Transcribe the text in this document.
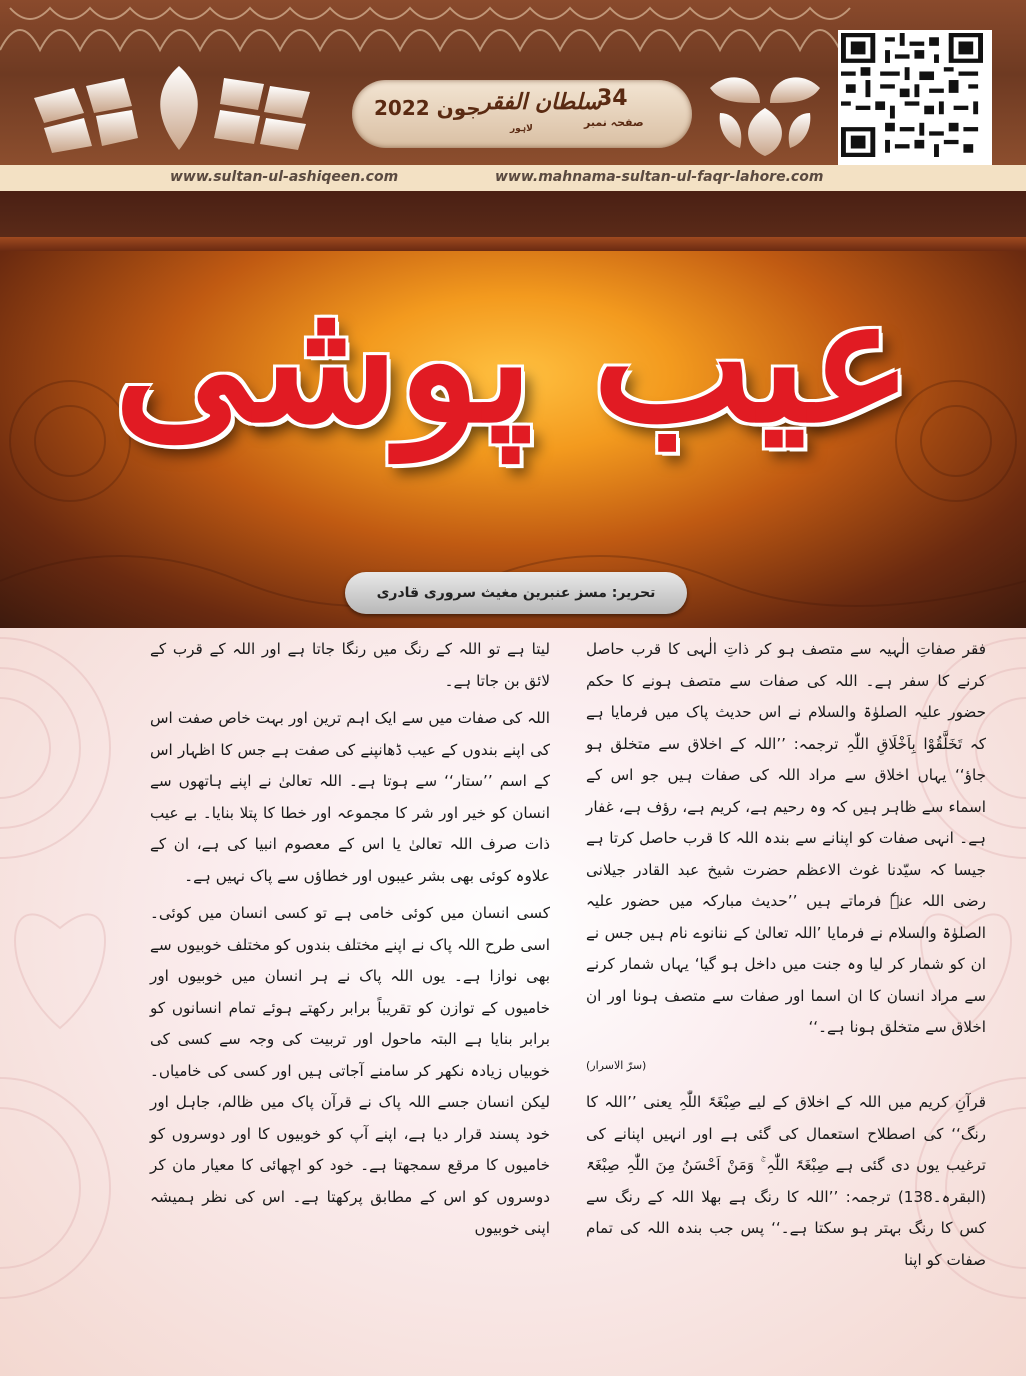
جون 2022 سلطان الفقر
لاہور
34
صفحہ نمبر
www.sultan-ul-ashiqeen.com	www.mahnama-sultan-ul-faqr-lahore.com
عیب پوشی
تحریر: مسز عنبرین مغیث سروری قادری

فقر صفاتِ الٰہیہ سے متصف ہو کر ذاتِ الٰہی کا قرب حاصل کرنے کا سفر ہے۔ اللہ کی صفات سے متصف ہونے کا حکم حضور علیہ الصلوٰۃ والسلام نے اس حدیث پاک میں فرمایا ہے کہ تَخَلَّقُوْا بِاَخْلَاقِ اللّٰہِ ترجمہ: ’’اللہ کے اخلاق سے متخلق ہو جاؤ‘‘ یہاں اخلاق سے مراد اللہ کی صفات ہیں جو اس کے اسماء سے ظاہر ہیں کہ وہ رحیم ہے، کریم ہے، رؤف ہے، غفار ہے۔ انہی صفات کو اپنانے سے بندہ اللہ کا قرب حاصل کرتا ہے جیسا کہ سیّدنا غوث الاعظم حضرت شیخ عبد القادر جیلانی رضی اللہ عنہٗ فرماتے ہیں ’’حدیث مبارکہ میں حضور علیہ الصلوٰۃ والسلام نے فرمایا ’اللہ تعالیٰ کے ننانوے نام ہیں جس نے ان کو شمار کر لیا وہ جنت میں داخل ہو گیا‘ یہاں شمار کرنے سے مراد انسان کا ان اسما اور صفات سے متصف ہونا اور ان اخلاق سے متخلق ہونا ہے۔‘‘

(سرّ الاسرار)

قرآنِ کریم میں اللہ کے اخلاق کے لیے صِبْغَۃَ اللّٰہِ یعنی ’’اللہ کا رنگ‘‘ کی اصطلاح استعمال کی گئی ہے اور انہیں اپنانے کی ترغیب یوں دی گئی ہے صِبْغَۃَ اللّٰہِ ۚ وَمَنْ اَحْسَنُ مِنَ اللّٰہِ صِبْغَۃً (البقرہ۔138) ترجمہ: ’’اللہ کا رنگ ہے بھلا اللہ کے رنگ سے کس کا رنگ بہتر ہو سکتا ہے۔‘‘ پس جب بندہ اللہ کی تمام صفات کو اپنا

لیتا ہے تو اللہ کے رنگ میں رنگا جاتا ہے اور اللہ کے قرب کے لائق بن جاتا ہے۔

اللہ کی صفات میں سے ایک اہم ترین اور بہت خاص صفت اس کی اپنے بندوں کے عیب ڈھانپنے کی صفت ہے جس کا اظہار اس کے اسم ’’ستار‘‘ سے ہوتا ہے۔ اللہ تعالیٰ نے اپنے ہاتھوں سے انسان کو خیر اور شر کا مجموعہ اور خطا کا پتلا بنایا۔ بے عیب ذات صرف اللہ تعالیٰ یا اس کے معصوم انبیا کی ہے، ان کے علاوہ کوئی بھی بشر عیبوں اور خطاؤں سے پاک نہیں ہے۔

کسی انسان میں کوئی خامی ہے تو کسی انسان میں کوئی۔ اسی طرح اللہ پاک نے اپنے مختلف بندوں کو مختلف خوبیوں سے بھی نوازا ہے۔ یوں اللہ پاک نے ہر انسان میں خوبیوں اور خامیوں کے توازن کو تقریباً برابر رکھتے ہوئے تمام انسانوں کو برابر بنایا ہے البتہ ماحول اور تربیت کی وجہ سے کسی کی خوبیاں زیادہ نکھر کر سامنے آجاتی ہیں اور کسی کی خامیاں۔ لیکن انسان جسے اللہ پاک نے قرآن پاک میں ظالم، جاہل اور خود پسند قرار دیا ہے، اپنے آپ کو خوبیوں کا اور دوسروں کو خامیوں کا مرقع سمجھتا ہے۔ خود کو اچھائی کا معیار مان کر دوسروں کو اس کے مطابق پرکھتا ہے۔ اس کی نظر ہمیشہ اپنی خوبیوں
